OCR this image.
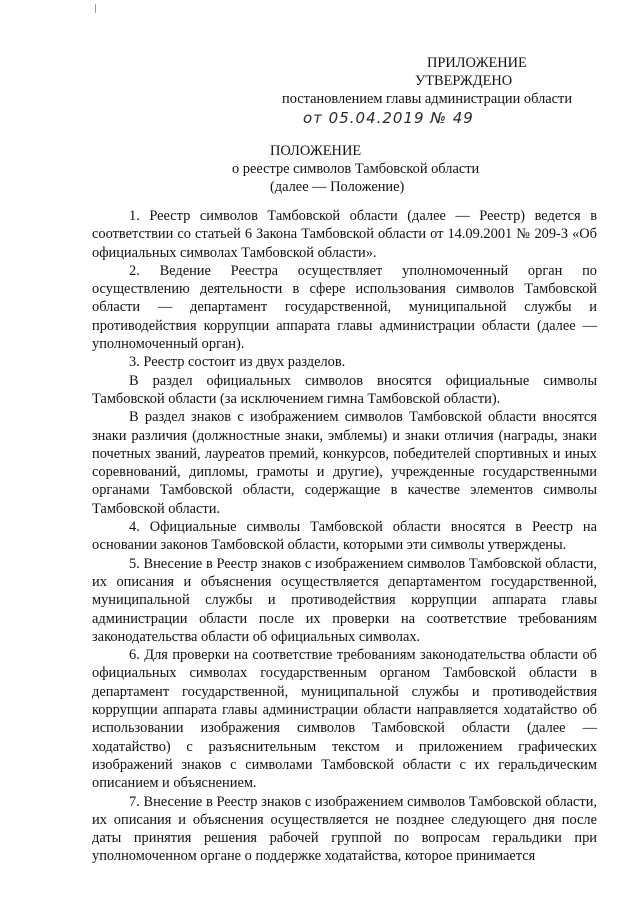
ПРИЛОЖЕНИЕ
УТВЕРЖДЕНО
постановлением главы администрации области
от 05.04.2019 № 49
ПОЛОЖЕНИЕ
о реестре символов Тамбовской области
(далее — Положение)

1. Реестр символов Тамбовской области (далее — Реестр) ведется в соответствии со статьей 6 Закона Тамбовской области от 14.09.2001 № 209-З «Об официальных символах Тамбовской области».

2. Ведение Реестра осуществляет уполномоченный орган по осуществлению деятельности в сфере использования символов Тамбовской области — департамент государственной, муниципальной службы и противодействия коррупции аппарата главы администрации области (далее — уполномоченный орган).

3. Реестр состоит из двух разделов.

В раздел официальных символов вносятся официальные символы Тамбовской области (за исключением гимна Тамбовской области).

В раздел знаков с изображением символов Тамбовской области вносятся знаки различия (должностные знаки, эмблемы) и знаки отличия (награды, знаки почетных званий, лауреатов премий, конкурсов, победителей спортивных и иных соревнований, дипломы, грамоты и другие), учрежденные государственными органами Тамбовской области, содержащие в качестве элементов символы Тамбовской области.

4. Официальные символы Тамбовской области вносятся в Реестр на основании законов Тамбовской области, которыми эти символы утверждены.

5. Внесение в Реестр знаков с изображением символов Тамбовской области, их описания и объяснения осуществляется департаментом государственной, муниципальной службы и противодействия коррупции аппарата главы администрации области после их проверки на соответствие требованиям законодательства области об официальных символах.

6. Для проверки на соответствие требованиям законодательства области об официальных символах государственным органом Тамбовской области в департамент государственной, муниципальной службы и противодействия коррупции аппарата главы администрации области направляется ходатайство об использовании изображения символов Тамбовской области (далее — ходатайство) с разъяснительным текстом и приложением графических изображений знаков с символами Тамбовской области с их геральдическим описанием и объяснением.

7. Внесение в Реестр знаков с изображением символов Тамбовской области, их описания и объяснения осуществляется не позднее следующего дня после даты принятия решения рабочей группой по вопросам геральдики при уполномоченном органе о поддержке ходатайства, которое принимается
